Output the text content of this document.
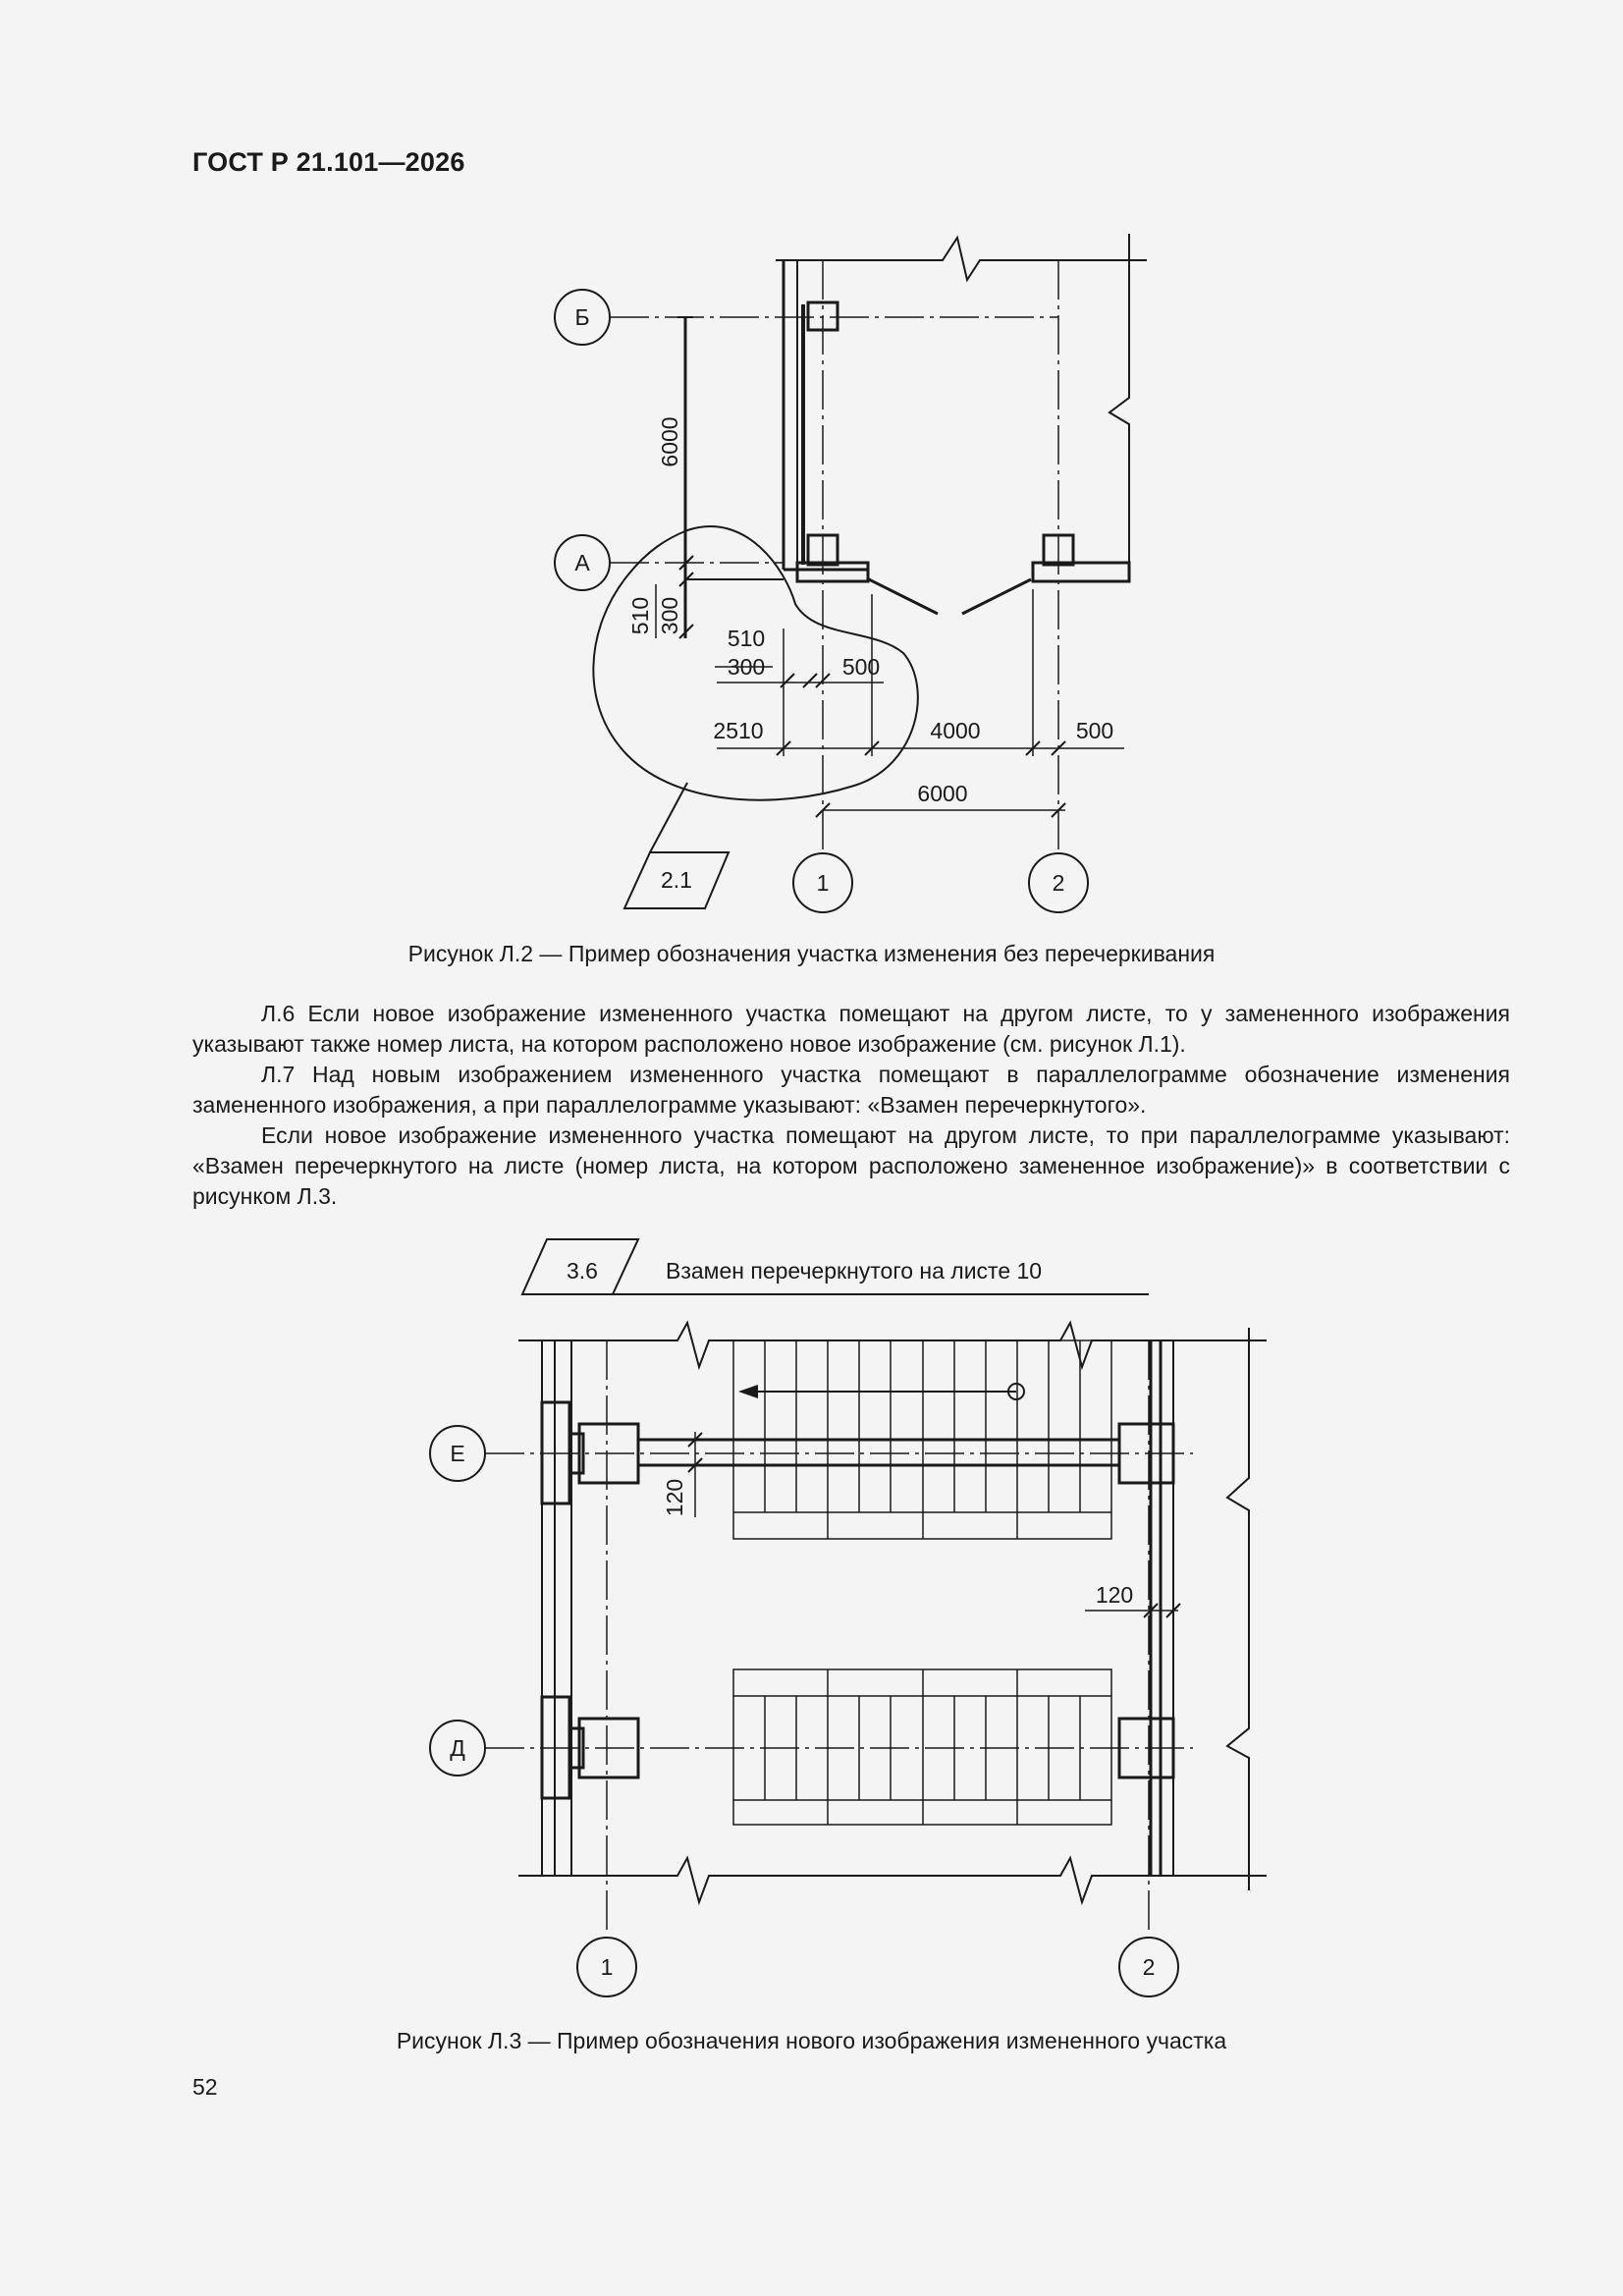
ГОСТ Р 21.101—2026
Б
А
6000
510 300
510
300	500
2510	4000	500
6000
2.1	1	2
Рисунок Л.2 — Пример обозначения участка изменения без перечеркивания
Л.6 Если новое изображение измененного участка помещают на другом листе, то у замененного изображения указывают также номер листа, на котором расположено новое изображение (см. рисунок Л.1).
Л.7 Над новым изображением измененного участка помещают в параллелограмме обозначение изменения замененного изображения, а при параллелограмме указывают: «Взамен перечеркнутого».
Если новое изображение измененного участка помещают на другом листе, то при параллелограмме указывают: «Взамен перечеркнутого на листе (номер листа, на котором расположено замененное изображение)» в соответствии с рисунком Л.3.
3.6	Взамен перечеркнутого на листе 10
Е
Д
120
120
1	2
Рисунок Л.3 — Пример обозначения нового изображения измененного участка
52
